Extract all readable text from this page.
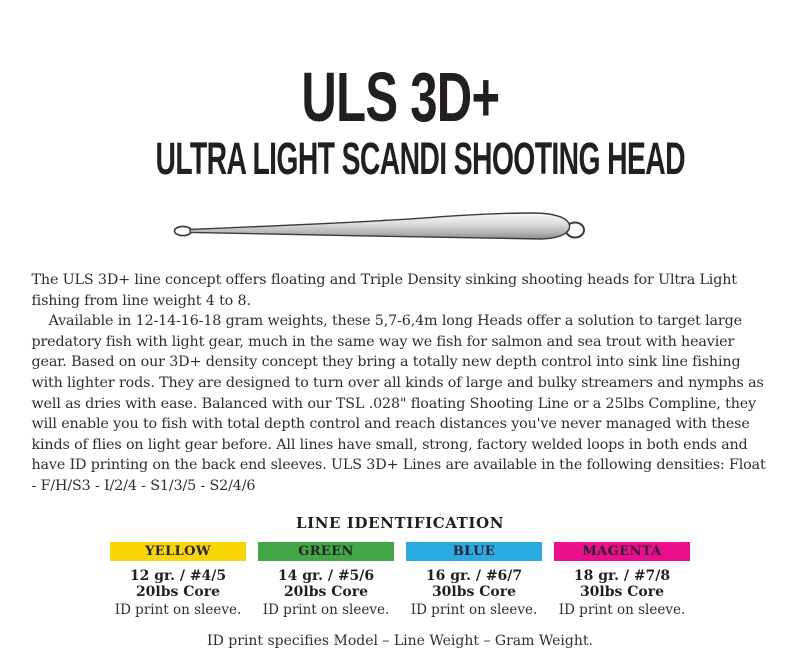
ULS 3D+
ULTRA LIGHT SCANDI SHOOTING HEAD

The ULS 3D+ line concept offers floating and Triple Density sinking shooting heads for Ultra Light fishing from line weight 4 to 8.

Available in 12-14-16-18 gram weights, these 5,7-6,4m long Heads offer a solution to target large predatory fish with light gear, much in the same way we fish for salmon and sea trout with heavier gear. Based on our 3D+ density concept they bring a totally new depth control into sink line fishing with lighter rods. They are designed to turn over all kinds of large and bulky streamers and nymphs as well as dries with ease. Balanced with our TSL .028" floating Shooting Line or a 25lbs Compline, they will enable you to fish with total depth control and reach distances you've never managed with these kinds of flies on light gear before. All lines have small, strong, factory welded loops in both ends and have ID printing on the back end sleeves. ULS 3D+ Lines are available in the following densities: Float - F/H/S3 - I/2/4 - S1/3/5 - S2/4/6

LINE IDENTIFICATION
YELLOW
12 gr. / #4/5
20lbs Core
ID print on sleeve.
GREEN
14 gr. / #5/6
20lbs Core
ID print on sleeve.
BLUE
16 gr. / #6/7
30lbs Core
ID print on sleeve.
MAGENTA
18 gr. / #7/8
30lbs Core
ID print on sleeve.
ID print specifies Model – Line Weight – Gram Weight.
